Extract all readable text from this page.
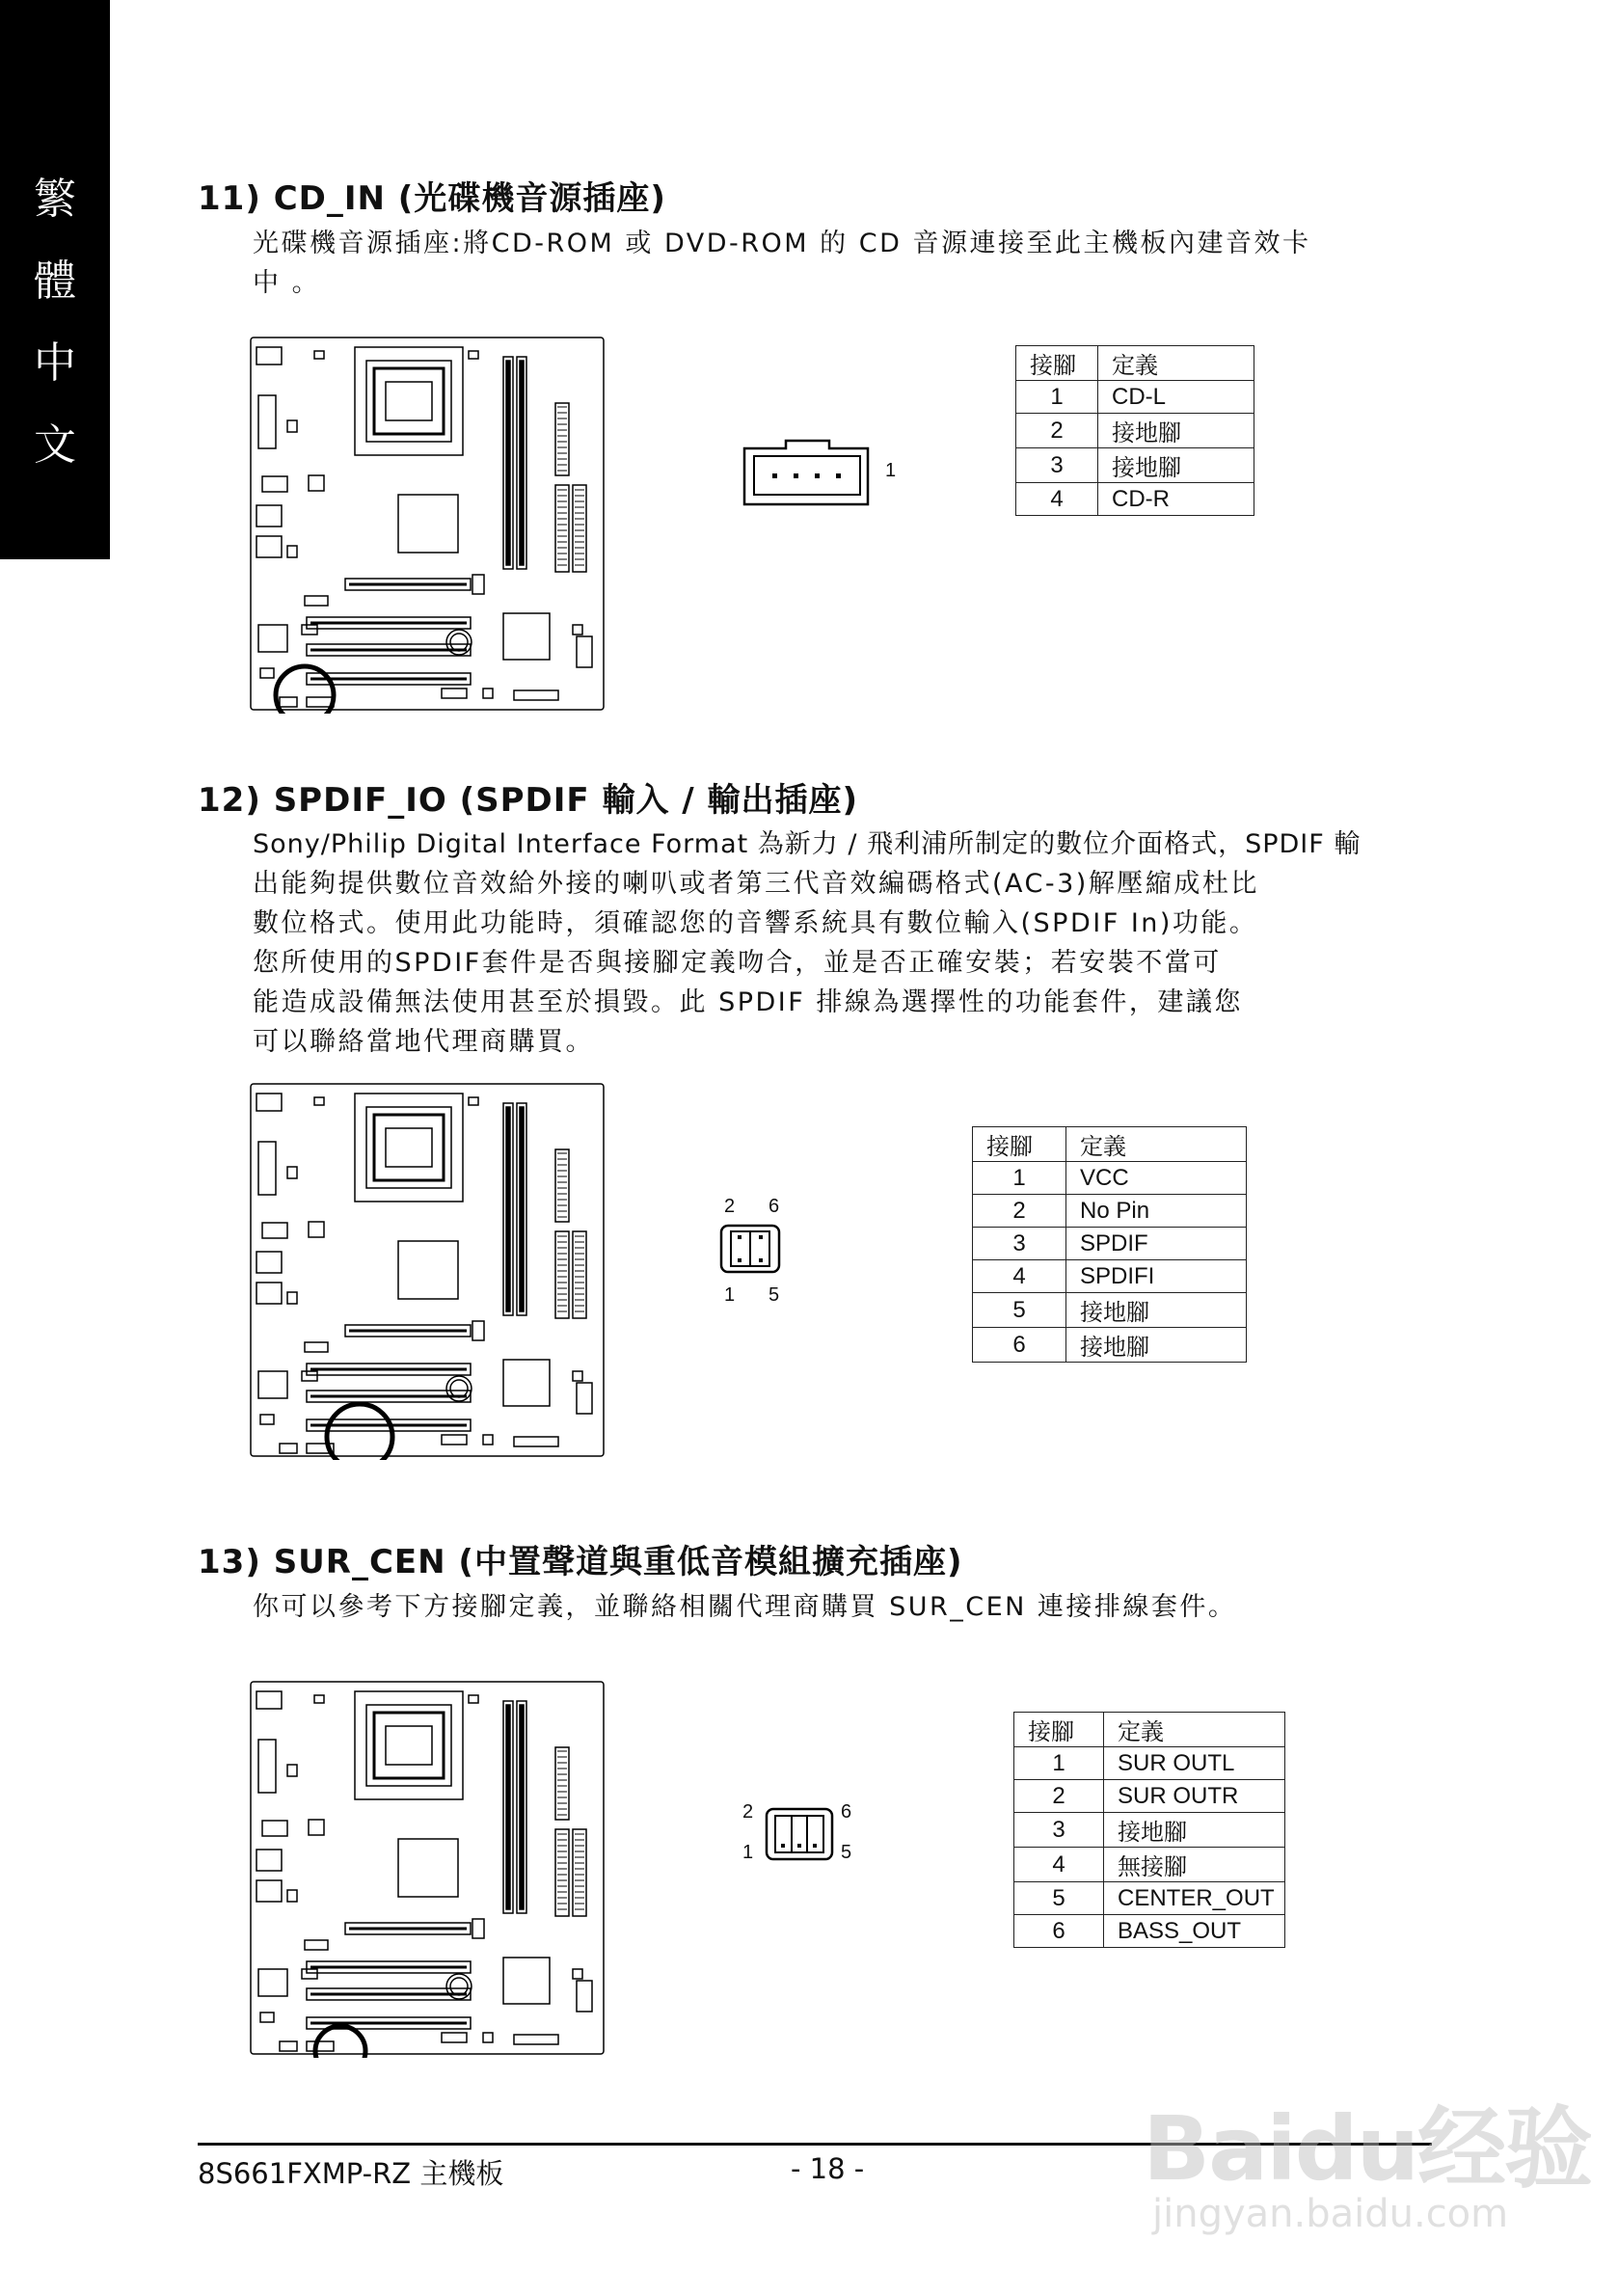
繁
體
中
文
11) CD_IN (光碟機音源插座)
光碟機音源插座:將CD-ROM 或 DVD-ROM 的 CD 音源連接至此主機板內建音效卡
中 。
1
接腳	定義
1	CD-L
2	接地腳
3	接地腳
4	CD-R
12) SPDIF_IO (SPDIF 輸入 / 輸出插座)
Sony/Philip Digital Interface Format 為新力 / 飛利浦所制定的數位介面格式，SPDIF 輸
出能夠提供數位音效給外接的喇叭或者第三代音效編碼格式(AC-3)解壓縮成杜比
數位格式。使用此功能時，須確認您的音響系統具有數位輸入(SPDIF In)功能。
您所使用的SPDIF套件是否與接腳定義吻合，並是否正確安裝；若安裝不當可
能造成設備無法使用甚至於損毀。此 SPDIF 排線為選擇性的功能套件，建議您
可以聯絡當地代理商購買。
2 6
1 5
接腳	定義
1	VCC
2	No Pin
3	SPDIF
4	SPDIFI
5	接地腳
6	接地腳
13) SUR_CEN (中置聲道與重低音模組擴充插座)
你可以參考下方接腳定義，並聯絡相關代理商購買 SUR_CEN 連接排線套件。
2
1
6
5
接腳	定義
1	SUR OUTL
2	SUR OUTR
3	接地腳
4	無接腳
5	CENTER_OUT
6	BASS_OUT
8S661FXMP-RZ 主機板	- 18 -	Baidu经验
jingyan.baidu.com
